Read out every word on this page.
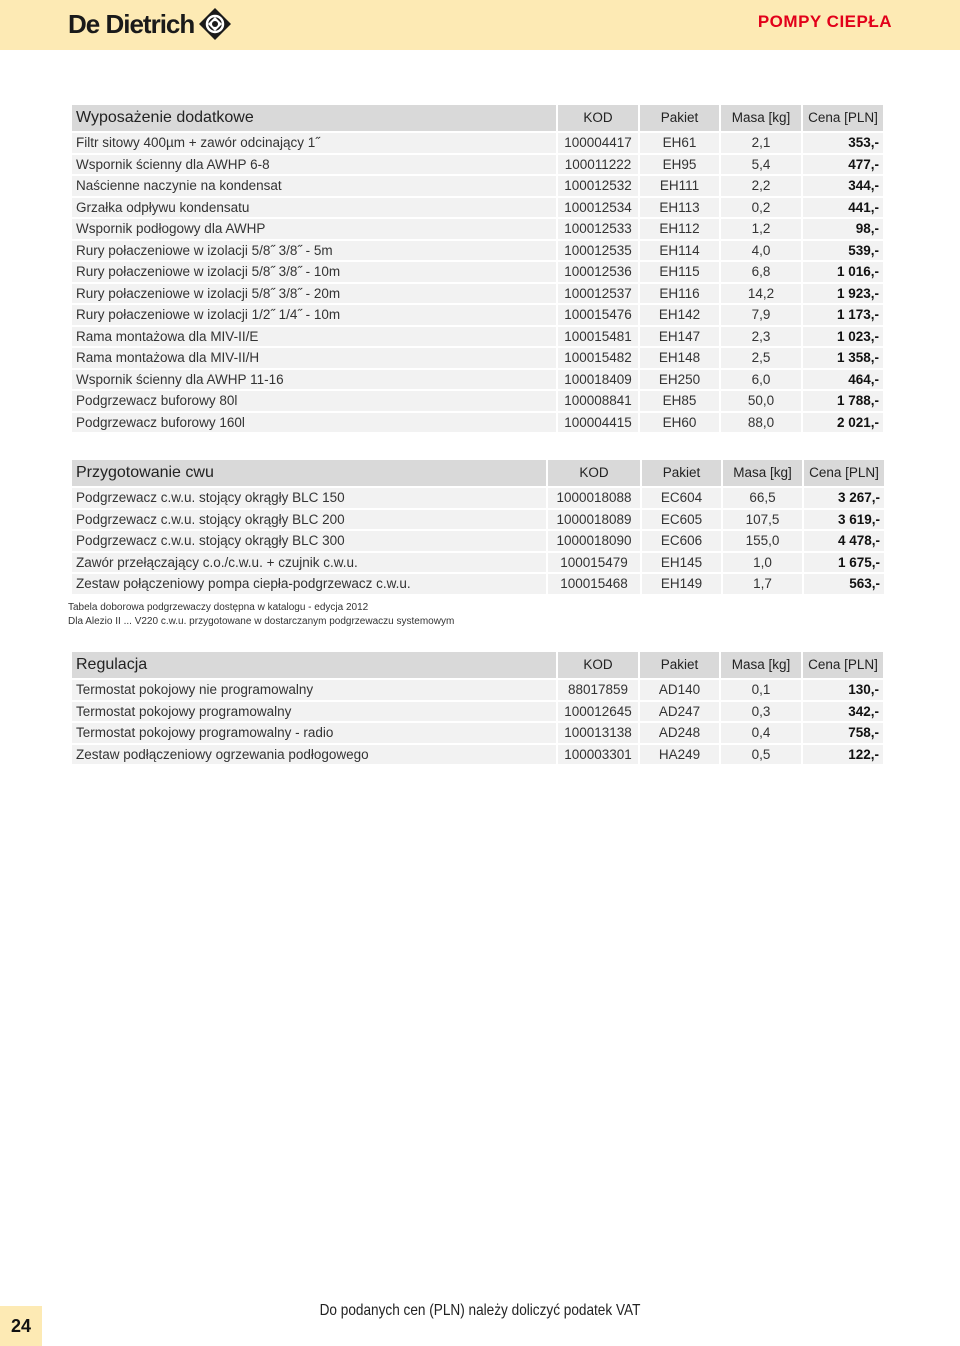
De Dietrich	POMPY CIEPŁA
Wyposażenie dodatkowe	KOD	Pakiet	Masa [kg]	Cena [PLN]
Filtr sitowy 400µm + zawór odcinający 1˝	100004417	EH61	2,1	353,-
Wspornik ścienny dla AWHP 6-8	100011222	EH95	5,4	477,-
Naścienne naczynie na kondensat	100012532	EH111	2,2	344,-
Grzałka odpływu kondensatu	100012534	EH113	0,2	441,-
Wspornik podłogowy dla AWHP	100012533	EH112	1,2	98,-
Rury połaczeniowe w izolacji 5/8˝ 3/8˝ - 5m	100012535	EH114	4,0	539,-
Rury połaczeniowe w izolacji 5/8˝ 3/8˝ - 10m	100012536	EH115	6,8	1 016,-
Rury połaczeniowe w izolacji 5/8˝ 3/8˝ - 20m	100012537	EH116	14,2	1 923,-
Rury połaczeniowe w izolacji 1/2˝ 1/4˝ - 10m	100015476	EH142	7,9	1 173,-
Rama montażowa dla MIV-II/E	100015481	EH147	2,3	1 023,-
Rama montażowa dla MIV-II/H	100015482	EH148	2,5	1 358,-
Wspornik ścienny dla AWHP 11-16	100018409	EH250	6,0	464,-
Podgrzewacz buforowy 80l	100008841	EH85	50,0	1 788,-
Podgrzewacz buforowy 160l	100004415	EH60	88,0	2 021,-
Przygotowanie cwu	KOD	Pakiet	Masa [kg]	Cena [PLN]
Podgrzewacz c.w.u. stojący okrągły BLC 150	1000018088	EC604	66,5	3 267,-
Podgrzewacz c.w.u. stojący okrągły BLC 200	1000018089	EC605	107,5	3 619,-
Podgrzewacz c.w.u. stojący okrągły BLC 300	1000018090	EC606	155,0	4 478,-
Zawór przełączający c.o./c.w.u. + czujnik c.w.u.	100015479	EH145	1,0	1 675,-
Zestaw połączeniowy pompa ciepła-podgrzewacz c.w.u.	100015468	EH149	1,7	563,-
Tabela doborowa podgrzewaczy dostępna w katalogu - edycja 2012
Dla Alezio II ... V220 c.w.u. przygotowane w dostarczanym podgrzewaczu systemowym
Regulacja	KOD	Pakiet	Masa [kg]	Cena [PLN]
Termostat pokojowy nie programowalny	88017859	AD140	0,1	130,-
Termostat pokojowy programowalny	100012645	AD247	0,3	342,-
Termostat pokojowy programowalny - radio	100013138	AD248	0,4	758,-
Zestaw podłączeniowy ogrzewania podłogowego	100003301	HA249	0,5	122,-
Do podanych cen (PLN) należy doliczyć podatek VAT
24
